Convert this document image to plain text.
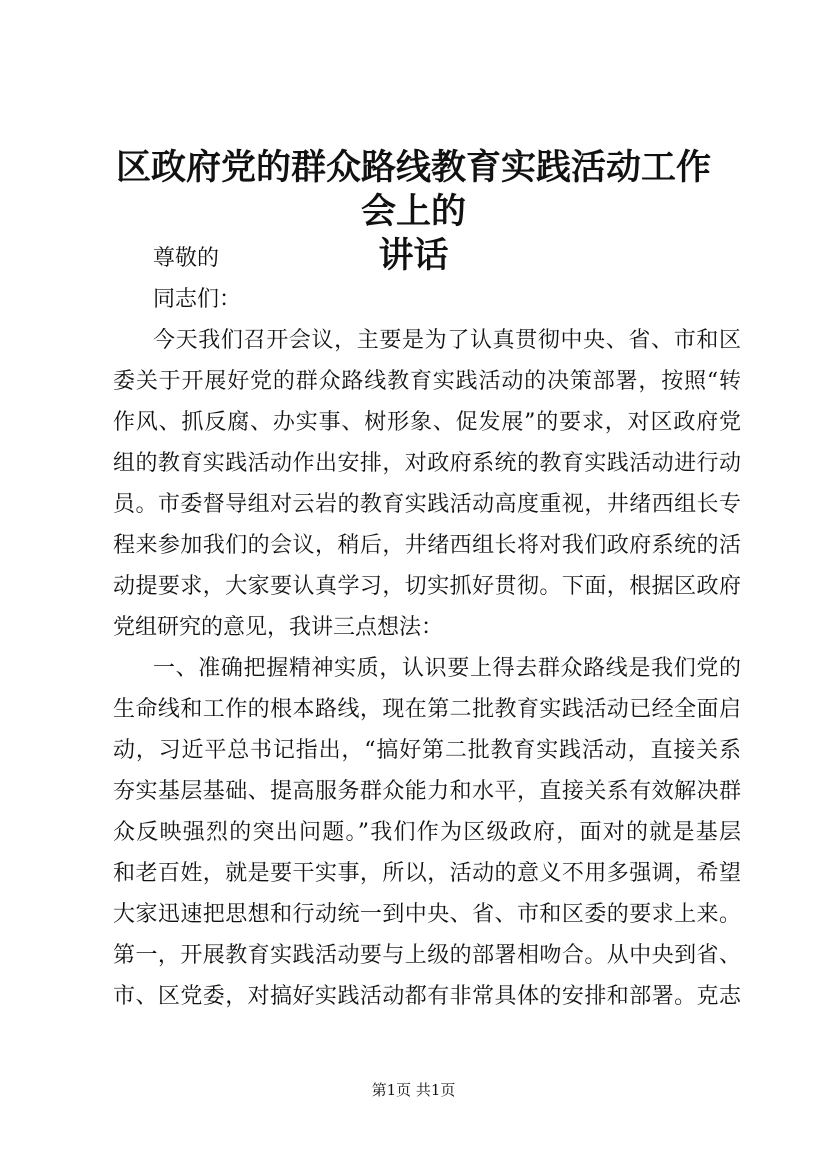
区政府党的群众路线教育实践活动工作会上的
讲话
尊敬的
同志们：
今天我们召开会议，主要是为了认真贯彻中央、省、市和区
委关于开展好党的群众路线教育实践活动的决策部署，按照“转
作风、抓反腐、办实事、树形象、促发展”的要求，对区政府党
组的教育实践活动作出安排，对政府系统的教育实践活动进行动
员。市委督导组对云岩的教育实践活动高度重视，井绪西组长专
程来参加我们的会议，稍后，井绪西组长将对我们政府系统的活
动提要求，大家要认真学习，切实抓好贯彻。下面，根据区政府
党组研究的意见，我讲三点想法：
一、准确把握精神实质，认识要上得去群众路线是我们党的
生命线和工作的根本路线，现在第二批教育实践活动已经全面启
动，习近平总书记指出，“搞好第二批教育实践活动，直接关系
夯实基层基础、提高服务群众能力和水平，直接关系有效解决群
众反映强烈的突出问题。”我们作为区级政府，面对的就是基层
和老百姓，就是要干实事，所以，活动的意义不用多强调，希望
大家迅速把思想和行动统一到中央、省、市和区委的要求上来。
第一，开展教育实践活动要与上级的部署相吻合。从中央到省、
市、区党委，对搞好实践活动都有非常具体的安排和部署。克志
第1页 共1页
